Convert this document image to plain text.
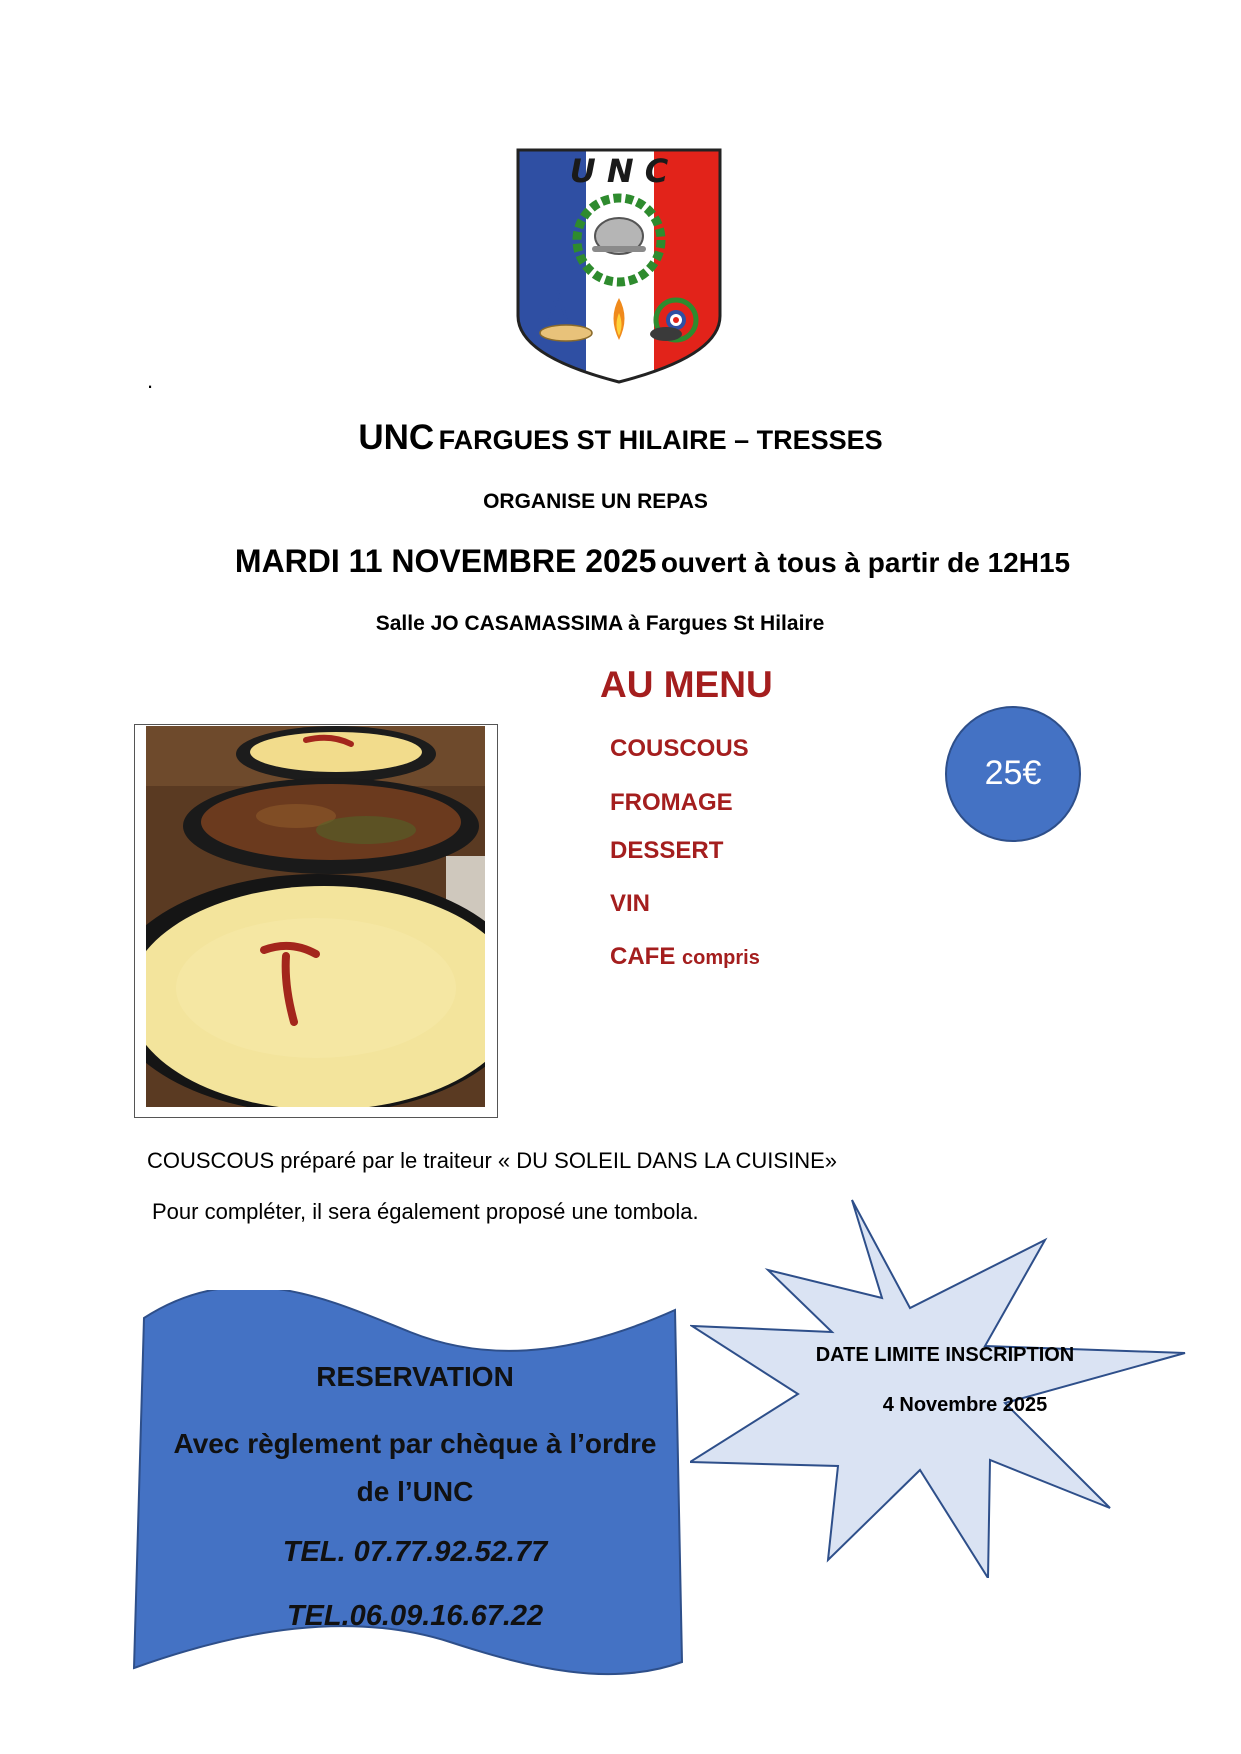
U N C
.
UNC FARGUES ST HILAIRE – TRESSES
ORGANISE UN REPAS
MARDI 11 NOVEMBRE 2025 ouvert à tous à partir de 12H15
Salle JO CASAMASSIMA à Fargues St Hilaire
AU MENU
COUSCOUS
FROMAGE
DESSERT
VIN
CAFE compris
25€
COUSCOUS préparé par le traiteur « DU SOLEIL DANS LA CUISINE»
Pour compléter, il sera également proposé une tombola.
RESERVATION
Avec règlement par chèque à l’ordre
de l’UNC
TEL. 07.77.92.52.77
TEL.06.09.16.67.22
DATE LIMITE INSCRIPTION
4 Novembre 2025
